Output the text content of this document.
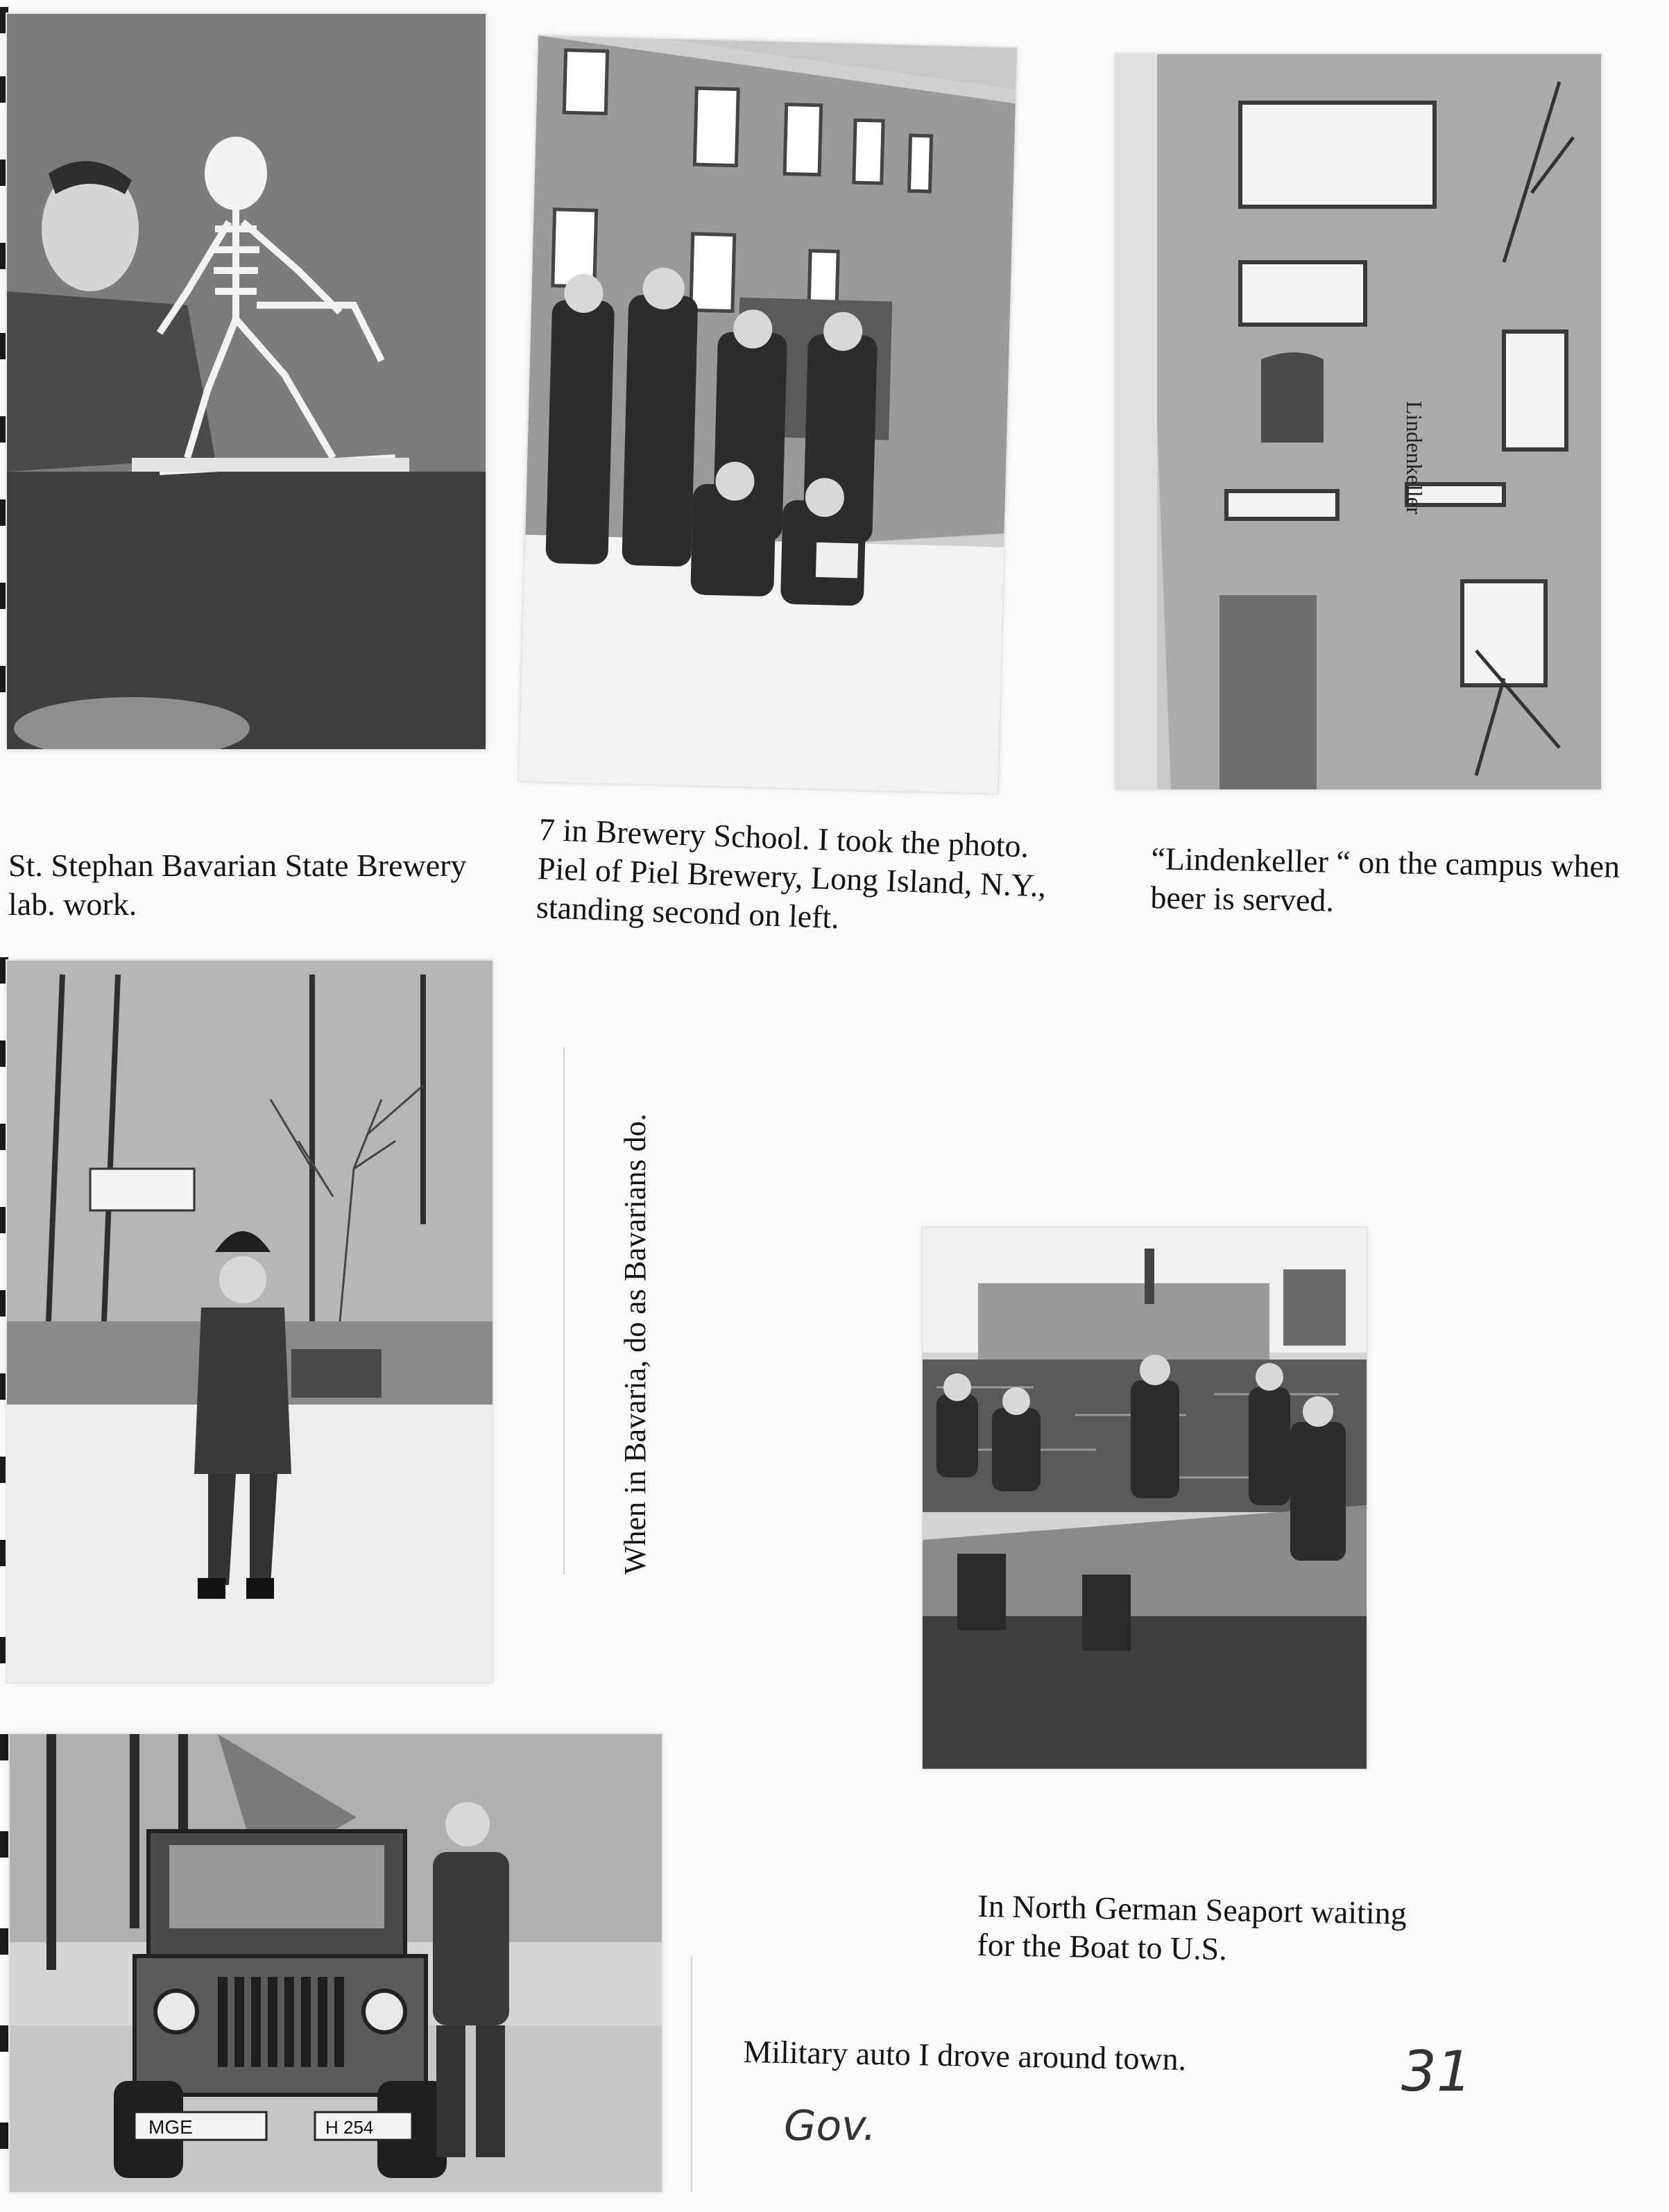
Lindenkeller
St. Stephan Bavarian State Brewery
lab. work.
7 in Brewery School. I took the photo.
Piel of Piel Brewery, Long Island, N.Y.,
standing second on left.
“Lindenkeller “ on the campus when
beer is served.
When in Bavaria, do as Bavarians do.
In North German Seaport waiting
for the Boat to U.S.
MGE	H 254
Military auto I drove around town.
Gov.
31
